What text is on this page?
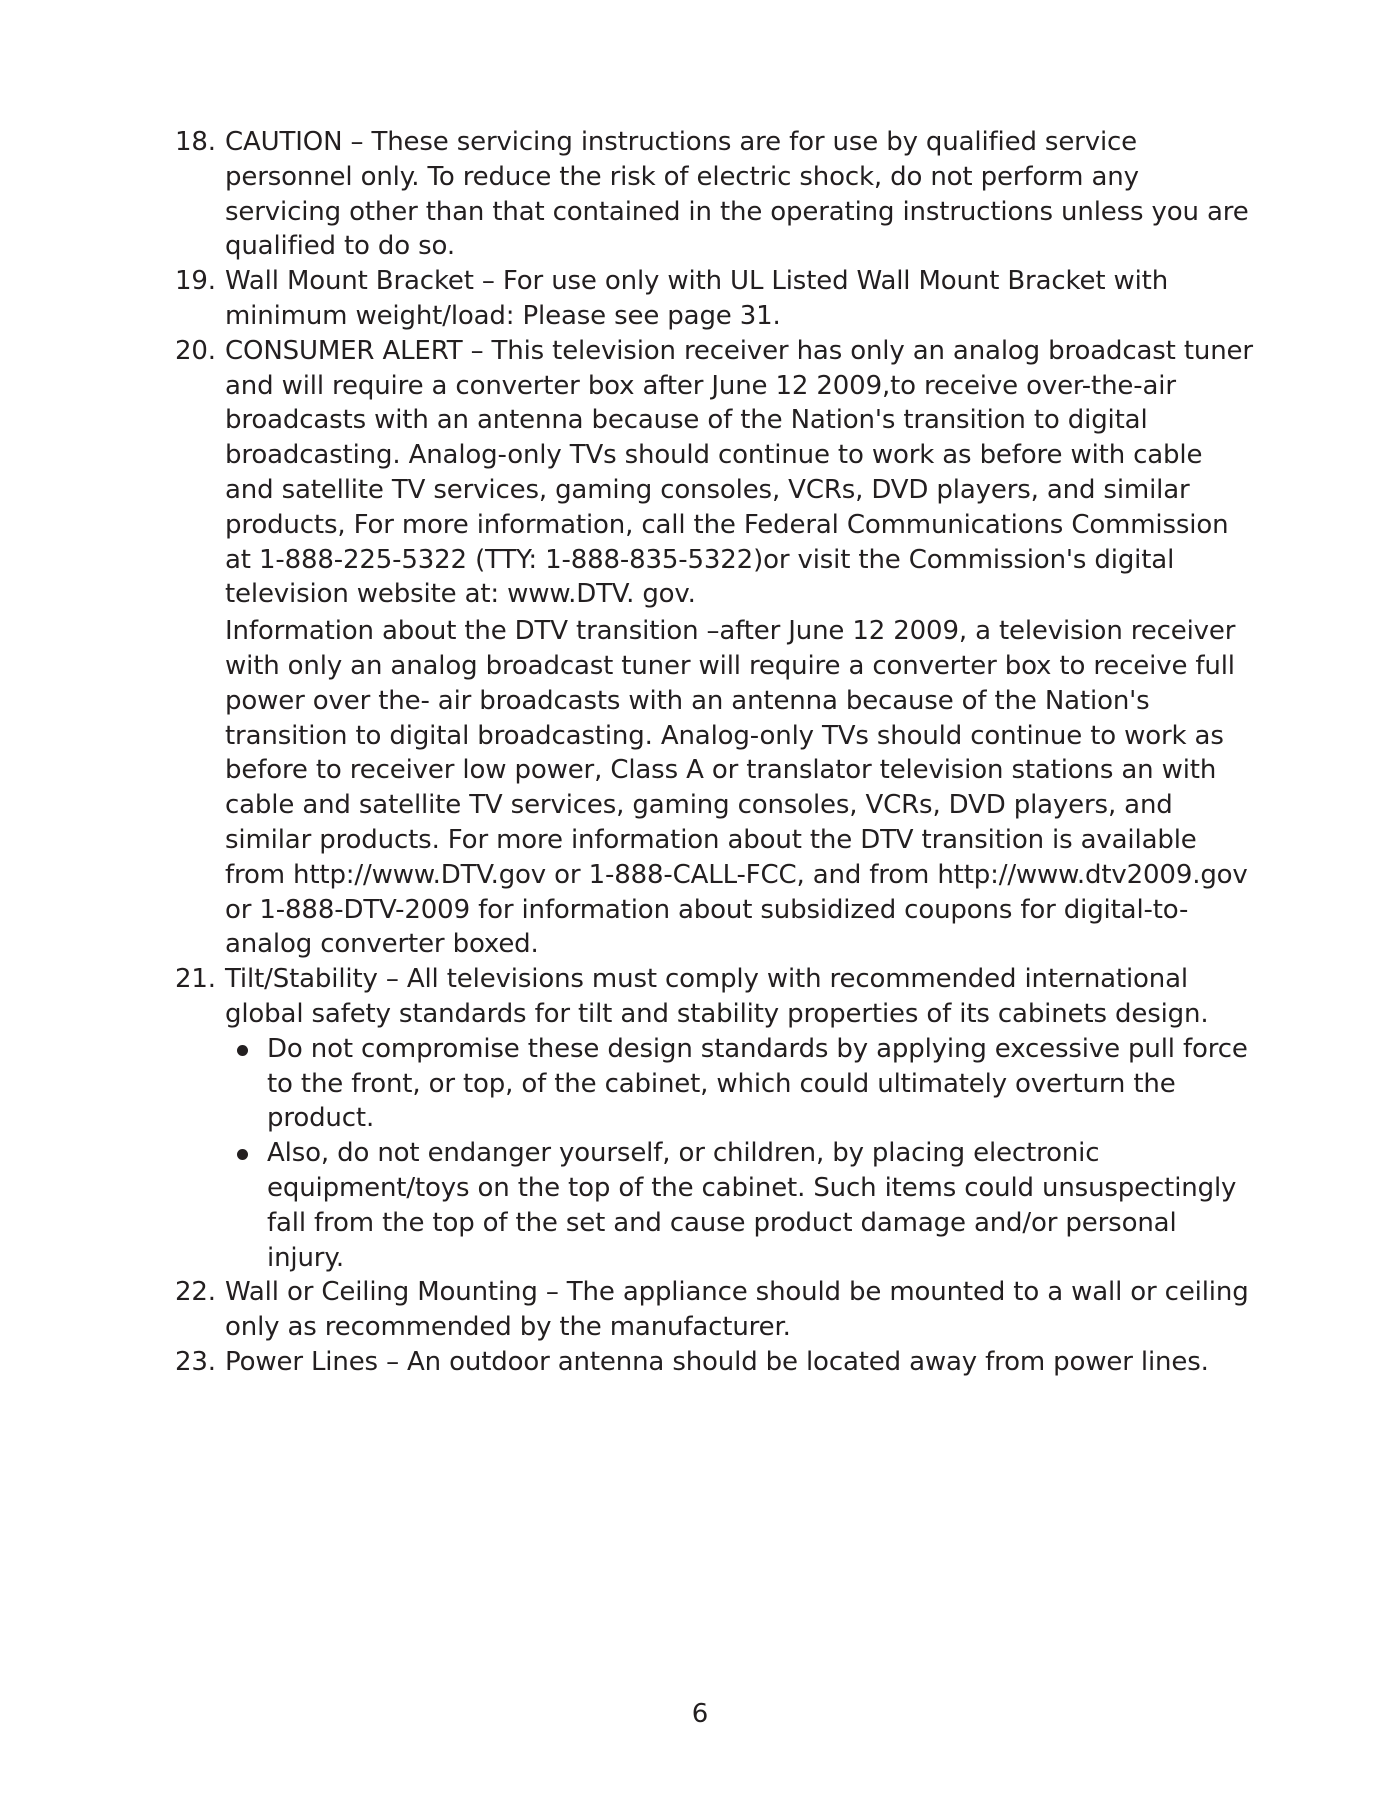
18. CAUTION – These servicing instructions are for use by qualified service personnel only. To reduce the risk of electric shock, do not perform any servicing other than that contained in the operating instructions unless you are qualified to do so.

19. Wall Mount Bracket – For use only with UL Listed Wall Mount Bracket with minimum weight/load: Please see page 31.

20. CONSUMER ALERT – This television receiver has only an analog broadcast tuner and will require a converter box after June 12 2009,to receive over-the-air broadcasts with an antenna because of the Nation's transition to digital broadcasting. Analog-only TVs should continue to work as before with cable and satellite TV services, gaming consoles, VCRs, DVD players, and similar products, For more information, call the Federal Communications Commission at 1-888-225-5322 (TTY: 1-888-835-5322)or visit the Commission's digital television website at: www.DTV. gov.

Information about the DTV transition –after June 12 2009, a television receiver with only an analog broadcast tuner will require a converter box to receive full power over the- air broadcasts with an antenna because of the Nation's transition to digital broadcasting. Analog-only TVs should continue to work as before to receiver low power, Class A or translator television stations an with cable and satellite TV services, gaming consoles, VCRs, DVD players, and similar products. For more information about the DTV transition is available from http://www.DTV.gov or 1-888-CALL-FCC, and from http://www.dtv2009.gov or 1-888-DTV-2009 for information about subsidized coupons for digital-to-analog converter boxed.

21. Tilt/Stability – All televisions must comply with recommended international global safety standards for tilt and stability properties of its cabinets design.

Do not compromise these design standards by applying excessive pull force to the front, or top, of the cabinet, which could ultimately overturn the product.
Also, do not endanger yourself, or children, by placing electronic equipment/toys on the top of the cabinet. Such items could unsuspectingly fall from the top of the set and cause product damage and/or personal injury.
22. Wall or Ceiling Mounting – The appliance should be mounted to a wall or ceiling only as recommended by the manufacturer.

23. Power Lines – An outdoor antenna should be located away from power lines.

6
